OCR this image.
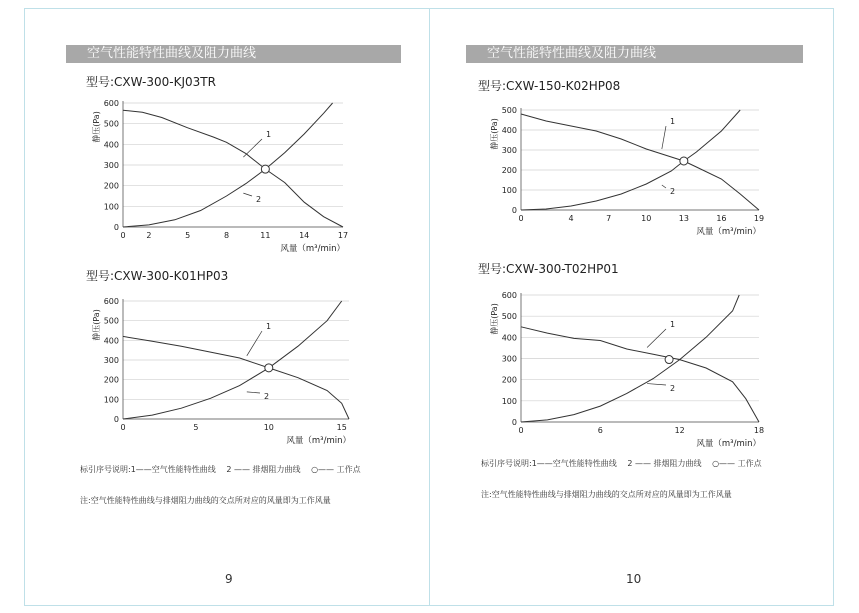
空气性能特性曲线及阻力曲线
型号:CXW-300-KJ03TR
0
100
200
300
400
500
600
0	2	5	8	11	14	17
静压(Pa)
风量（m³/min）
1
2
型号:CXW-300-K01HP03
0
100
200
300
400
500
600
0	5	10	15
静压(Pa)
风量（m³/min）
1
2
标引序号说明:1——空气性能特性曲线 2 —— 排烟阻力曲线 ○—— 工作点
注:空气性能特性曲线与排烟阻力曲线的交点所对应的风量即为工作风量
9
空气性能特性曲线及阻力曲线
型号:CXW-150-K02HP08
0
100
200
300
400
500
0	4	7	10	13	16	19
静压(Pa)
风量（m³/min）
1
2
型号:CXW-300-T02HP01
0
100
200
300
400
500
600
0	6	12	18
静压(Pa)
风量（m³/min）
1
2
标引序号说明:1——空气性能特性曲线 2 —— 排烟阻力曲线 ○—— 工作点
注:空气性能特性曲线与排烟阻力曲线的交点所对应的风量即为工作风量
10
